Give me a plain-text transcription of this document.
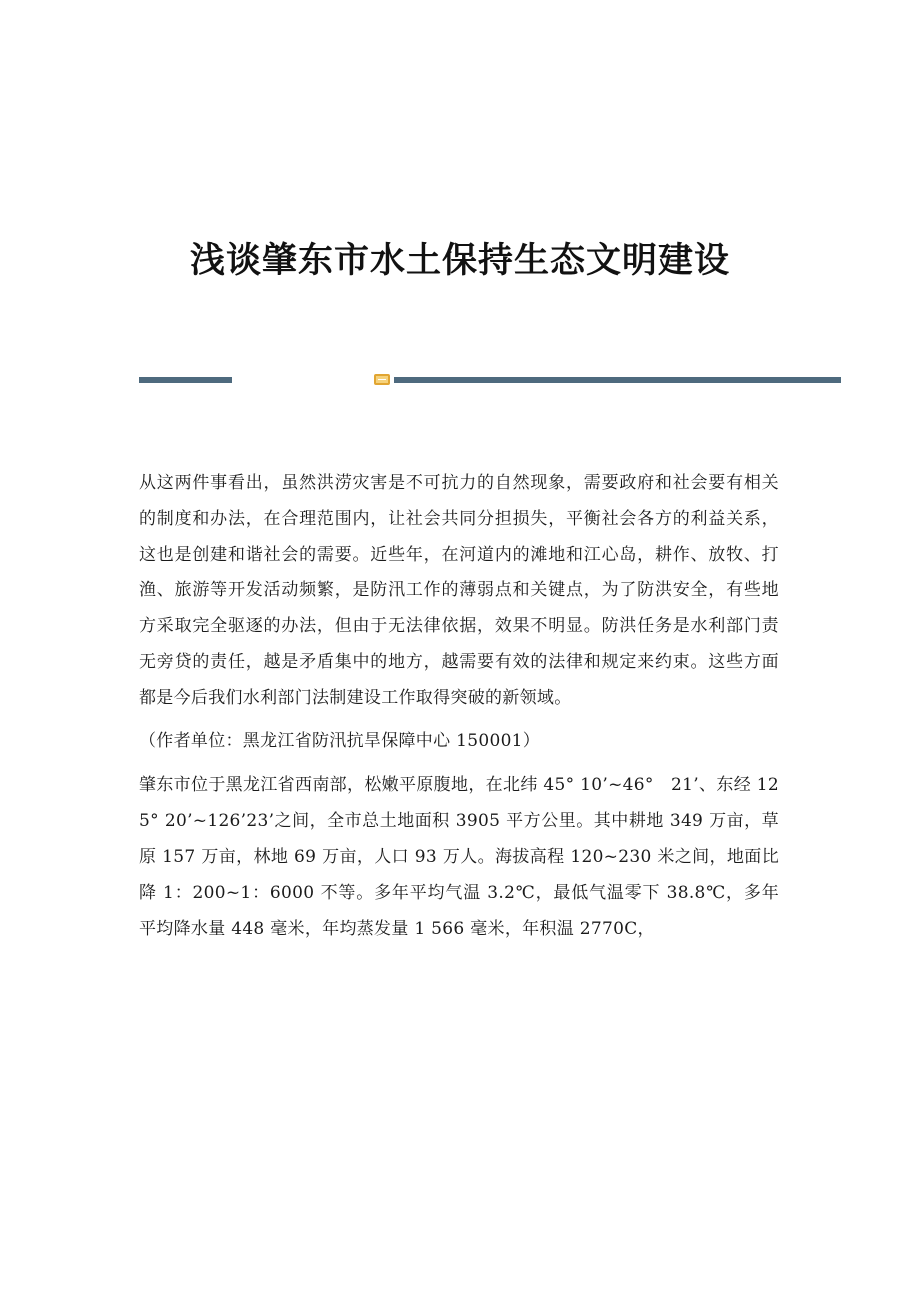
浅谈肇东市水土保持生态文明建设

从这两件事看出，虽然洪涝灾害是不可抗力的自然现象，需要政府和社会要有相关的制度和办法，在合理范围内，让社会共同分担损失，平衡社会各方的利益关系，这也是创建和谐社会的需要。近些年，在河道内的滩地和江心岛，耕作、放牧、打渔、旅游等开发活动频繁，是防汛工作的薄弱点和关键点，为了防洪安全，有些地方采取完全驱逐的办法，但由于无法律依据，效果不明显。防洪任务是水利部门责无旁贷的责任，越是矛盾集中的地方，越需要有效的法律和规定来约束。这些方面都是今后我们水利部门法制建设工作取得突破的新领域。

（作者单位：黑龙江省防汛抗旱保障中心 150001）

肇东市位于黑龙江省西南部，松嫩平原腹地，在北纬 45° 10’~46°　21’、东经 125° 20’~126’23’之间，全市总土地面积 3905 平方公里。其中耕地 349 万亩，草原 157 万亩，林地 69 万亩，人口 93 万人。海拔高程 120~230 米之间，地面比降 1：200~1：6000 不等。多年平均气温 3.2℃，最低气温零下 38.8℃，多年平均降水量 448 毫米，年均蒸发量 1 566 毫米，年积温 2770C，
